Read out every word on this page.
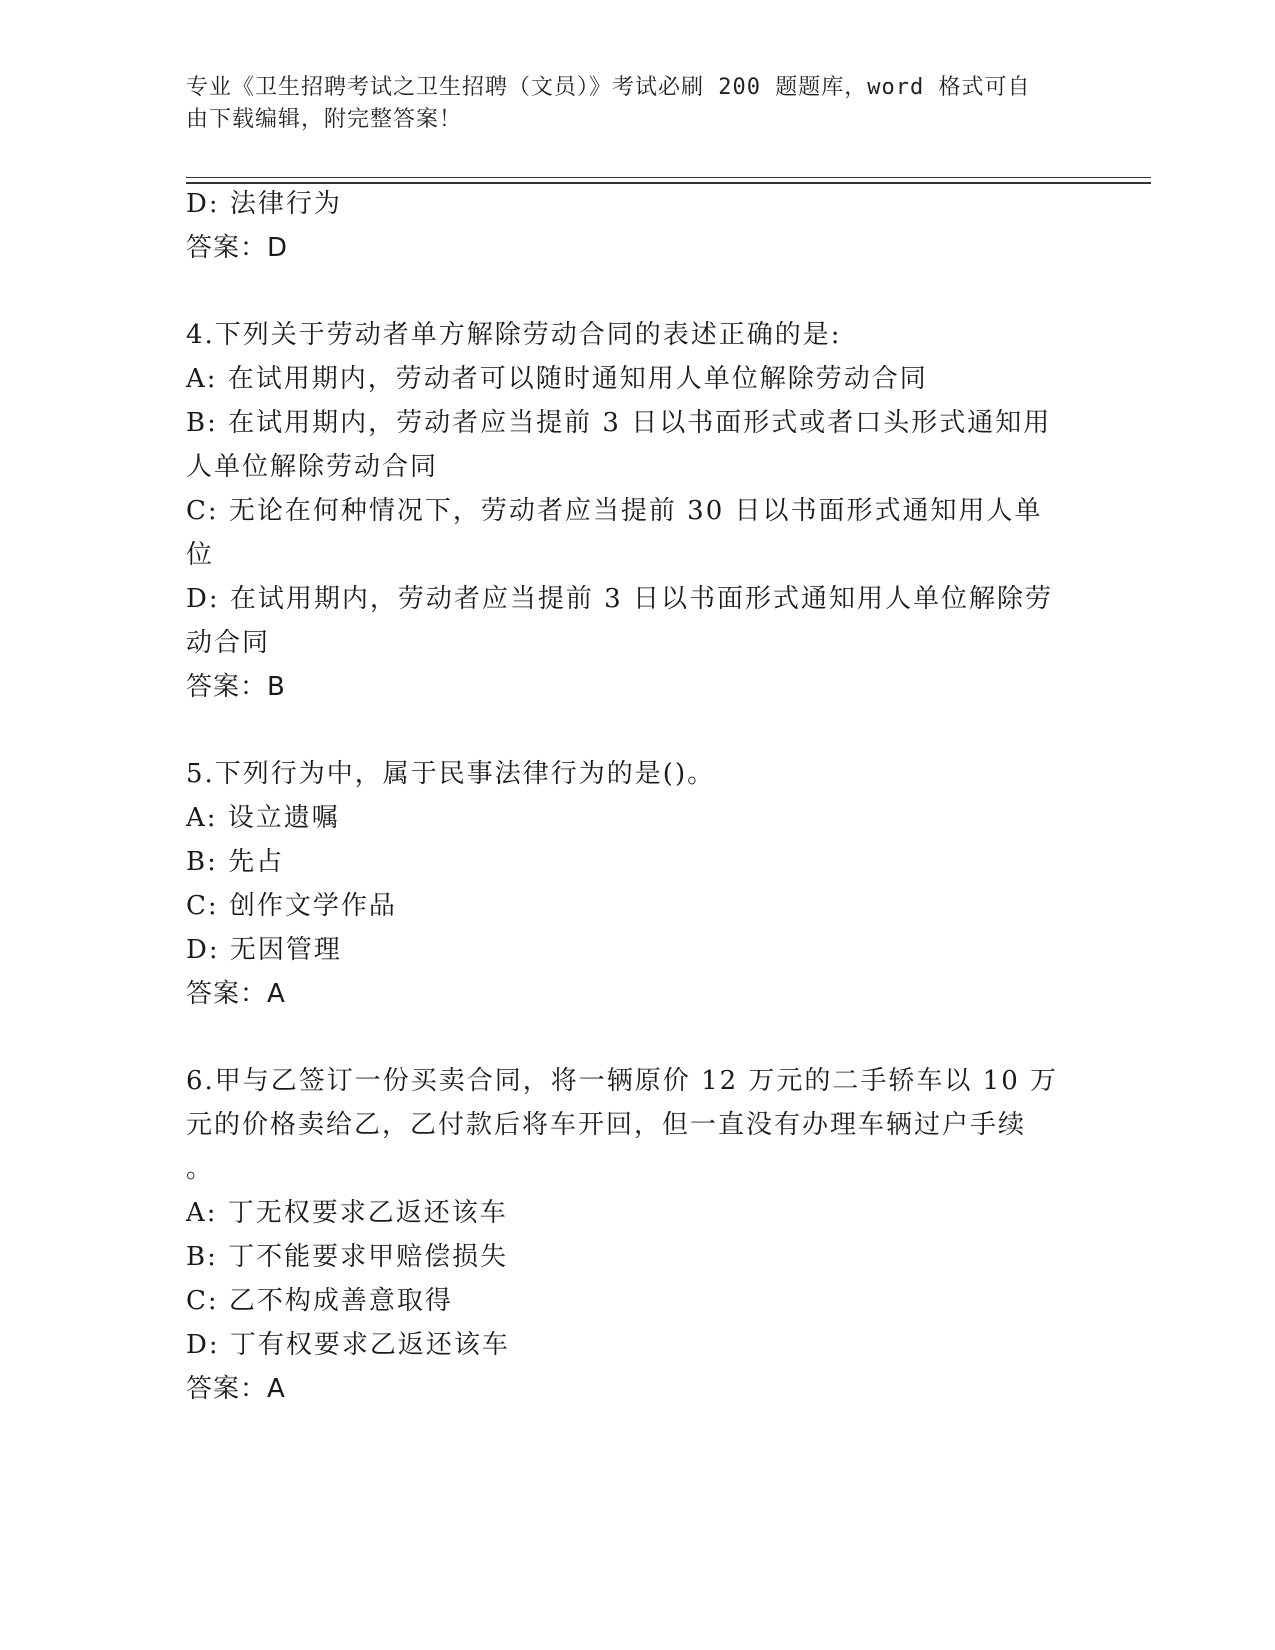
专业《卫生招聘考试之卫生招聘（文员）》考试必刷 200 题题库，word 格式可自
由下载编辑，附完整答案！
D: 法律行为
答案：D
4.下列关于劳动者单方解除劳动合同的表述正确的是:
A: 在试用期内，劳动者可以随时通知用人单位解除劳动合同
B: 在试用期内，劳动者应当提前 3 日以书面形式或者口头形式通知用
人单位解除劳动合同
C: 无论在何种情况下，劳动者应当提前 30 日以书面形式通知用人单
位
D: 在试用期内，劳动者应当提前 3 日以书面形式通知用人单位解除劳
动合同
答案：B
5.下列行为中，属于民事法律行为的是()。
A: 设立遗嘱
B: 先占
C: 创作文学作品
D: 无因管理
答案：A
6.甲与乙签订一份买卖合同，将一辆原价 12 万元的二手轿车以 10 万
元的价格卖给乙，乙付款后将车开回，但一直没有办理车辆过户手续
。
A: 丁无权要求乙返还该车
B: 丁不能要求甲赔偿损失
C: 乙不构成善意取得
D: 丁有权要求乙返还该车
答案：A
